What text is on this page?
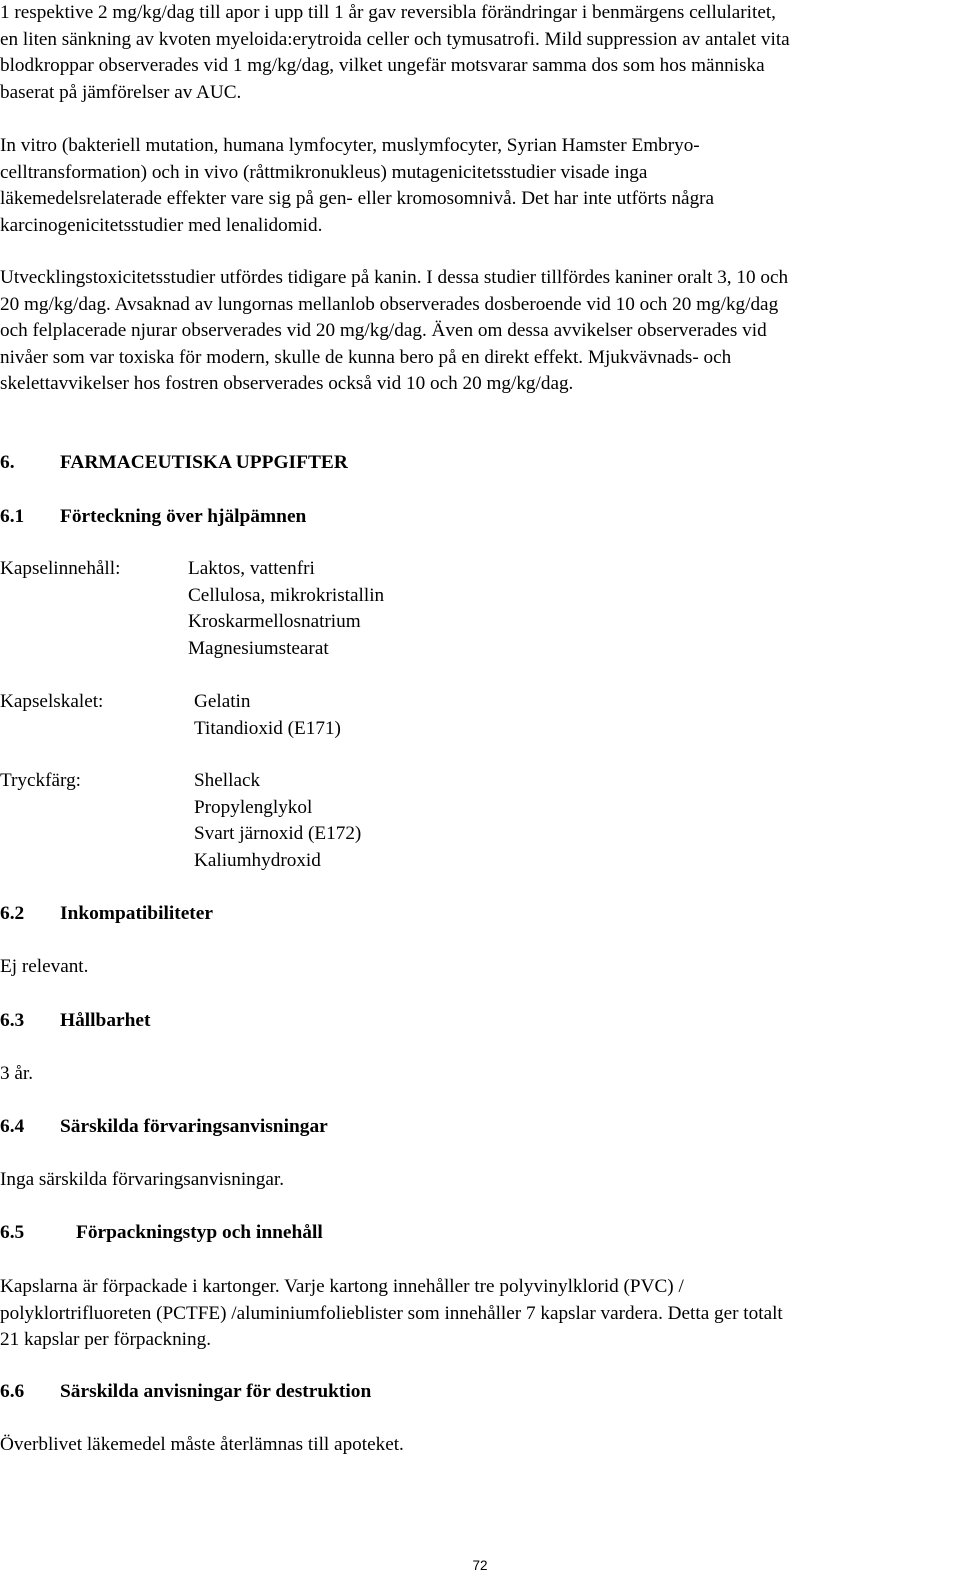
1 respektive 2 mg/kg/dag till apor i upp till 1 år gav reversibla förändringar i benmärgens cellularitet,
en liten sänkning av kvoten myeloida:erytroida celler och tymusatrofi. Mild suppression av antalet vita
blodkroppar observerades vid 1 mg/kg/dag, vilket ungefär motsvarar samma dos som hos människa
baserat på jämförelser av AUC.
In vitro (bakteriell mutation, humana lymfocyter, muslymfocyter, Syrian Hamster Embryo-
celltransformation) och in vivo (råttmikronukleus) mutagenicitetsstudier visade inga
läkemedelsrelaterade effekter vare sig på gen- eller kromosomnivå. Det har inte utförts några
karcinogenicitetsstudier med lenalidomid.
Utvecklingstoxicitetsstudier utfördes tidigare på kanin. I dessa studier tillfördes kaniner oralt 3, 10 och
20 mg/kg/dag. Avsaknad av lungornas mellanlob observerades dosberoende vid 10 och 20 mg/kg/dag
och felplacerade njurar observerades vid 20 mg/kg/dag. Även om dessa avvikelser observerades vid
nivåer som var toxiska för modern, skulle de kunna bero på en direkt effekt. Mjukvävnads- och
skelettavvikelser hos fostren observerades också vid 10 och 20 mg/kg/dag.
6. FARMACEUTISKA UPPGIFTER
6.1 Förteckning över hjälpämnen
Kapselinnehåll:	Laktos, vattenfri
Cellulosa, mikrokristallin
Kroskarmellosnatrium
Magnesiumstearat
Kapselskalet:	Gelatin
Titandioxid (E171)
Tryckfärg:	Shellack
Propylenglykol
Svart järnoxid (E172)
Kaliumhydroxid
6.2 Inkompatibiliteter
Ej relevant.
6.3 Hållbarhet
3 år.
6.4 Särskilda förvaringsanvisningar
Inga särskilda förvaringsanvisningar.
6.5	Förpackningstyp och innehåll
Kapslarna är förpackade i kartonger. Varje kartong innehåller tre polyvinylklorid (PVC) /
polyklortrifluoreten (PCTFE) /aluminiumfolieblister som innehåller 7 kapslar vardera. Detta ger totalt
21 kapslar per förpackning.
6.6 Särskilda anvisningar för destruktion
Överblivet läkemedel måste återlämnas till apoteket.
72
